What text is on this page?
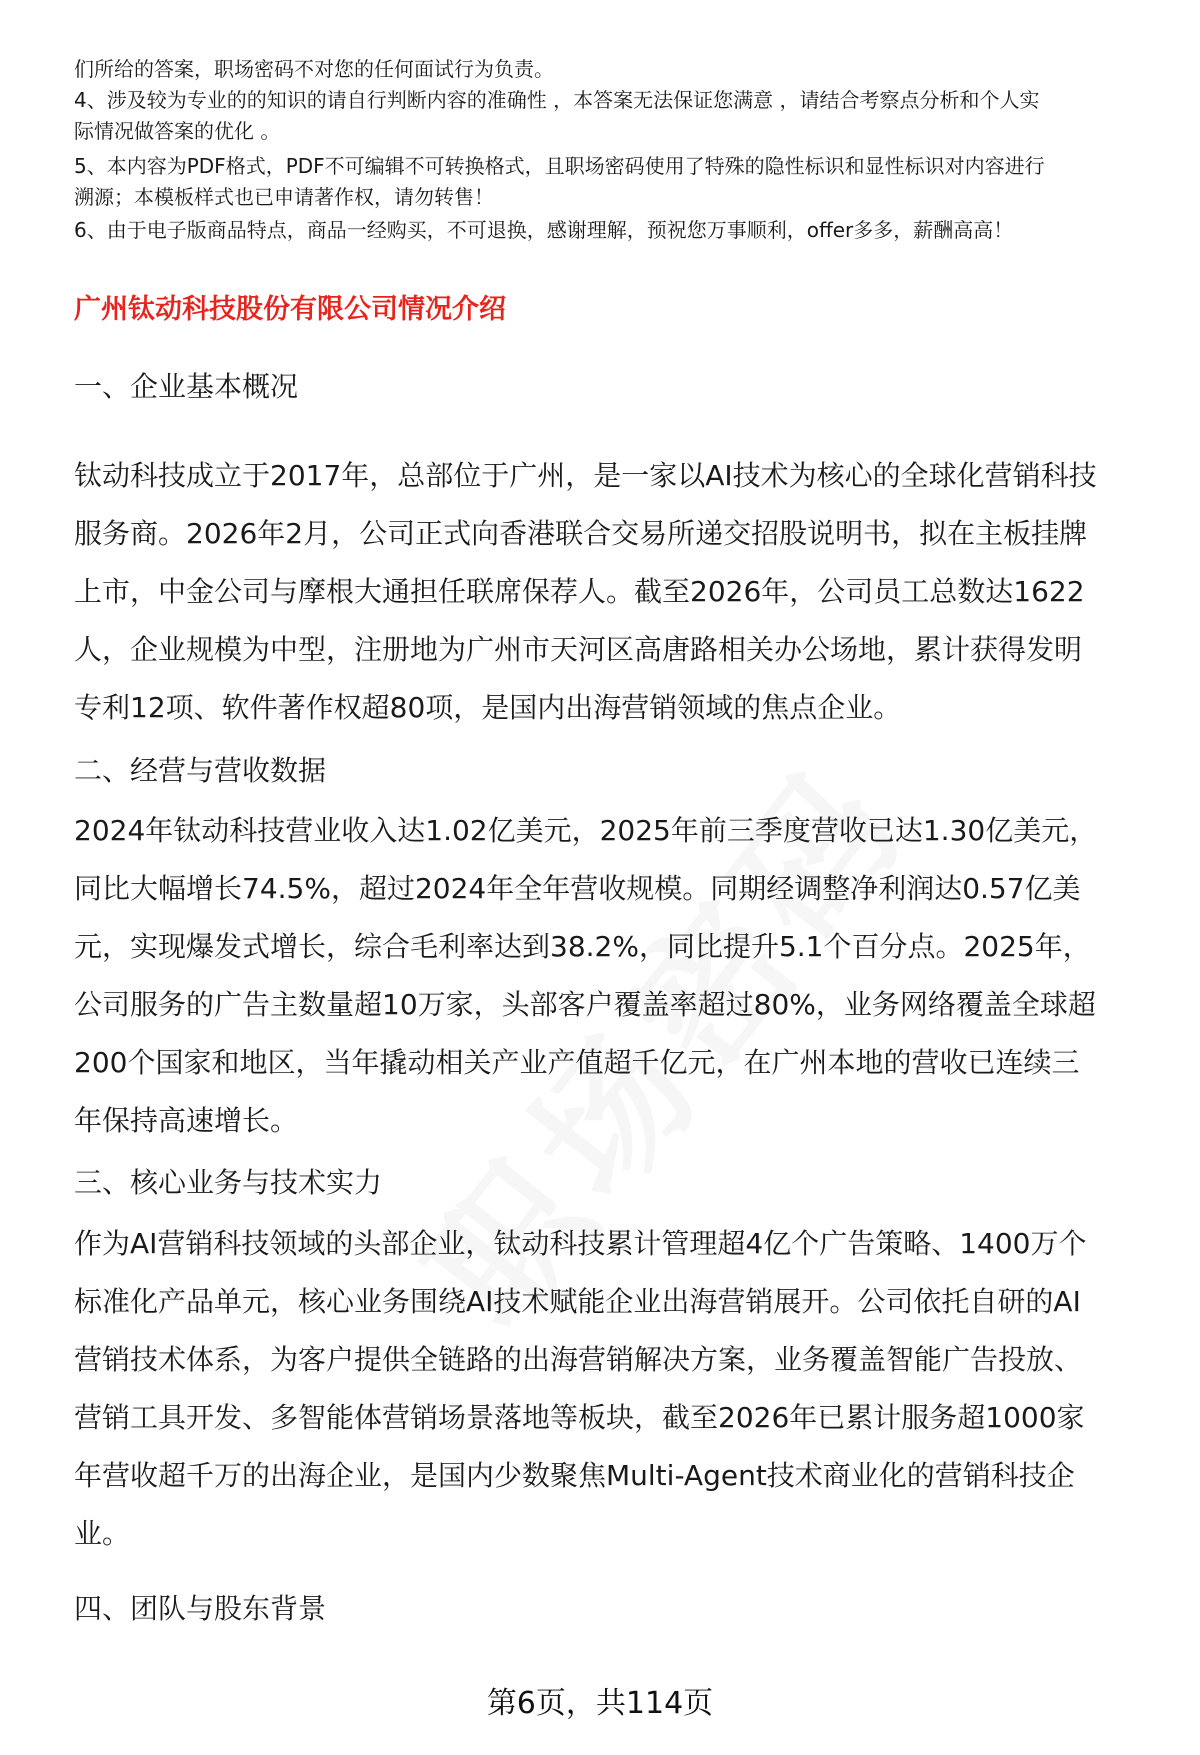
们所给的答案，职场密码不对您的任何面试行为负责。
4、涉及较为专业的的知识的请自行判断内容的准确性 ，本答案无法保证您满意 ，请结合考察点分析和个人实
际情况做答案的优化 。
5、本内容为PDF格式，PDF不可编辑不可转换格式，且职场密码使用了特殊的隐性标识和显性标识对内容进行
溯源；本模板样式也已申请著作权，请勿转售！
6、由于电子版商品特点，商品一经购买，不可退换，感谢理解，预祝您万事顺利，offer多多，薪酬高高！
广州钛动科技股份有限公司情况介绍
一、企业基本概况
钛动科技成立于2017年，总部位于广州，是一家以AI技术为核心的全球化营销科技
服务商。2026年2月，公司正式向香港联合交易所递交招股说明书，拟在主板挂牌
上市，中金公司与摩根大通担任联席保荐人。截至2026年，公司员工总数达1622
人，企业规模为中型，注册地为广州市天河区高唐路相关办公场地，累计获得发明
专利12项、软件著作权超80项，是国内出海营销领域的焦点企业。
二、经营与营收数据
2024年钛动科技营业收入达1.02亿美元，2025年前三季度营收已达1.30亿美元，
同比大幅增长74.5%，超过2024年全年营收规模。同期经调整净利润达0.57亿美
元，实现爆发式增长，综合毛利率达到38.2%，同比提升5.1个百分点。2025年，
公司服务的广告主数量超10万家，头部客户覆盖率超过80%，业务网络覆盖全球超
200个国家和地区，当年撬动相关产业产值超千亿元，在广州本地的营收已连续三
年保持高速增长。
三、核心业务与技术实力
作为AI营销科技领域的头部企业，钛动科技累计管理超4亿个广告策略、1400万个
标准化产品单元，核心业务围绕AI技术赋能企业出海营销展开。公司依托自研的AI
营销技术体系，为客户提供全链路的出海营销解决方案，业务覆盖智能广告投放、
营销工具开发、多智能体营销场景落地等板块，截至2026年已累计服务超1000家
年营收超千万的出海企业，是国内少数聚焦Multi-Agent技术商业化的营销科技企
业。
四、团队与股东背景
第6页，共114页
